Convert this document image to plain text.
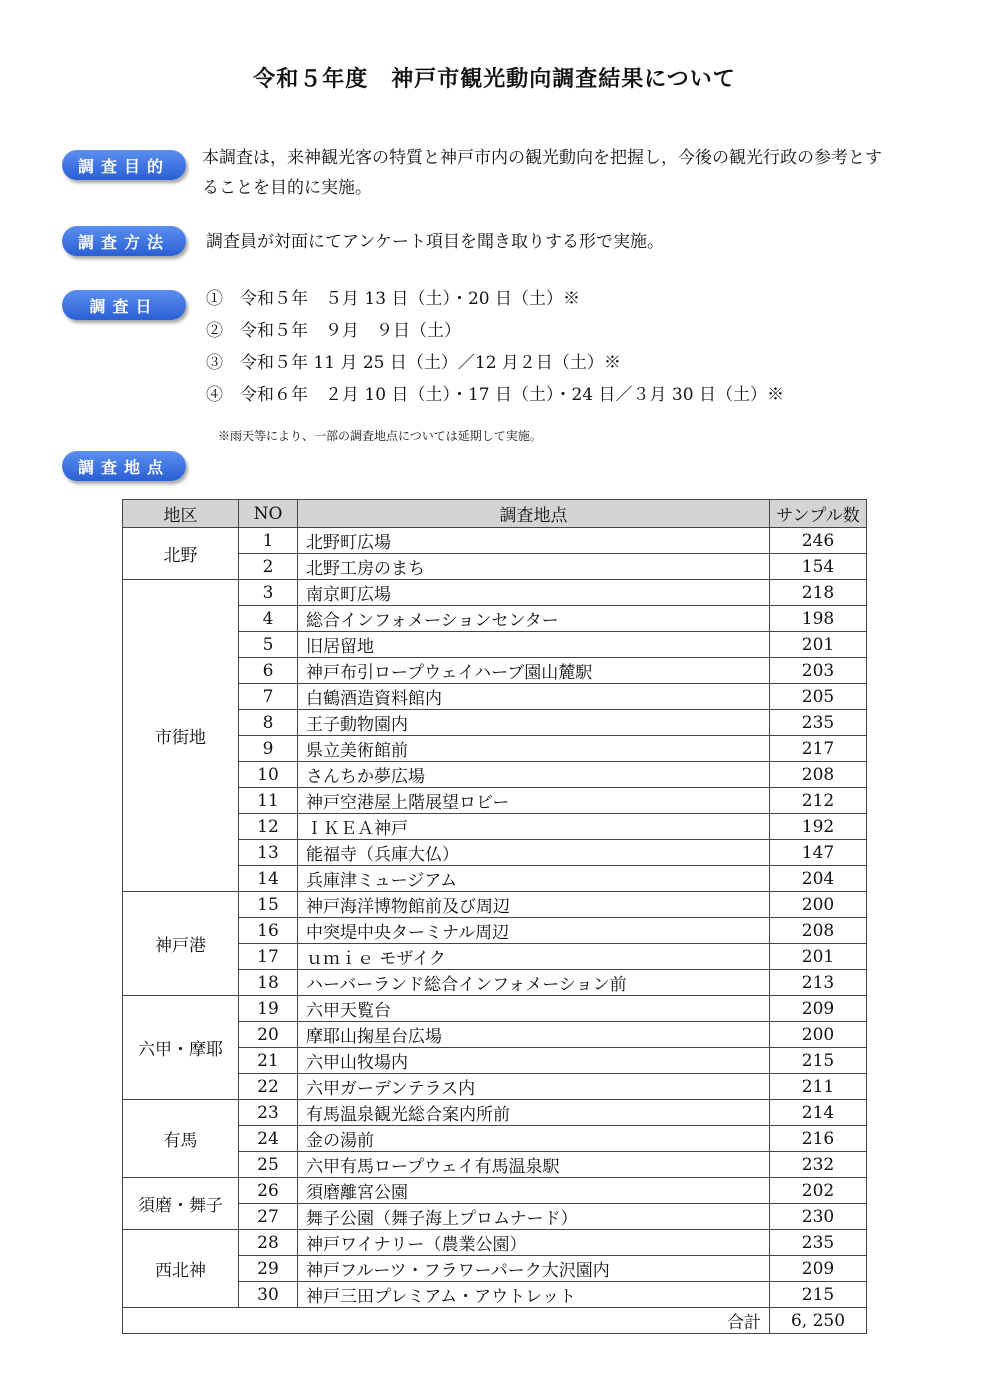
令和５年度　神戸市観光動向調査結果について
調査目的	本調査は，来神観光客の特質と神戸市内の観光動向を把握し，今後の観光行政の参考とす
ることを目的に実施。
調査方法	調査員が対面にてアンケート項目を聞き取りする形で実施。
調査日	①　令和５年　５月 13 日（土）・20 日（土）※
②　令和５年　９月　９日（土）
③　令和５年 11 月 25 日（土）／12 月２日（土）※
④　令和６年　２月 10 日（土）・17 日（土）・24 日／３月 30 日（土）※
※雨天等により、一部の調査地点については延期して実施。
調査地点
地区	NO	調査地点	サンプル数
北野	1	北野町広場	246
	2	北野工房のまち	154
市街地	3	南京町広場	218
	4	総合インフォメーションセンター	198
	5	旧居留地	201
	6	神戸布引ロープウェイハーブ園山麓駅	203
	7	白鶴酒造資料館内	205
	8	王子動物園内	235
	9	県立美術館前	217
	10	さんちか夢広場	208
	11	神戸空港屋上階展望ロビー	212
	12	ＩＫＥＡ神戸	192
	13	能福寺（兵庫大仏）	147
	14	兵庫津ミュージアム	204
神戸港	15	神戸海洋博物館前及び周辺	200
	16	中突堤中央ターミナル周辺	208
	17	ｕｍｉｅ モザイク	201
	18	ハーバーランド総合インフォメーション前	213
六甲・摩耶	19	六甲天覧台	209
	20	摩耶山掬星台広場	200
	21	六甲山牧場内	215
	22	六甲ガーデンテラス内	211
有馬	23	有馬温泉観光総合案内所前	214
	24	金の湯前	216
	25	六甲有馬ロープウェイ有馬温泉駅	232
須磨・舞子	26	須磨離宮公園	202
	27	舞子公園（舞子海上プロムナード）	230
西北神	28	神戸ワイナリー（農業公園）	235
	29	神戸フルーツ・フラワーパーク大沢園内	209
	30	神戸三田プレミアム・アウトレット	215
		合計	6, 250
